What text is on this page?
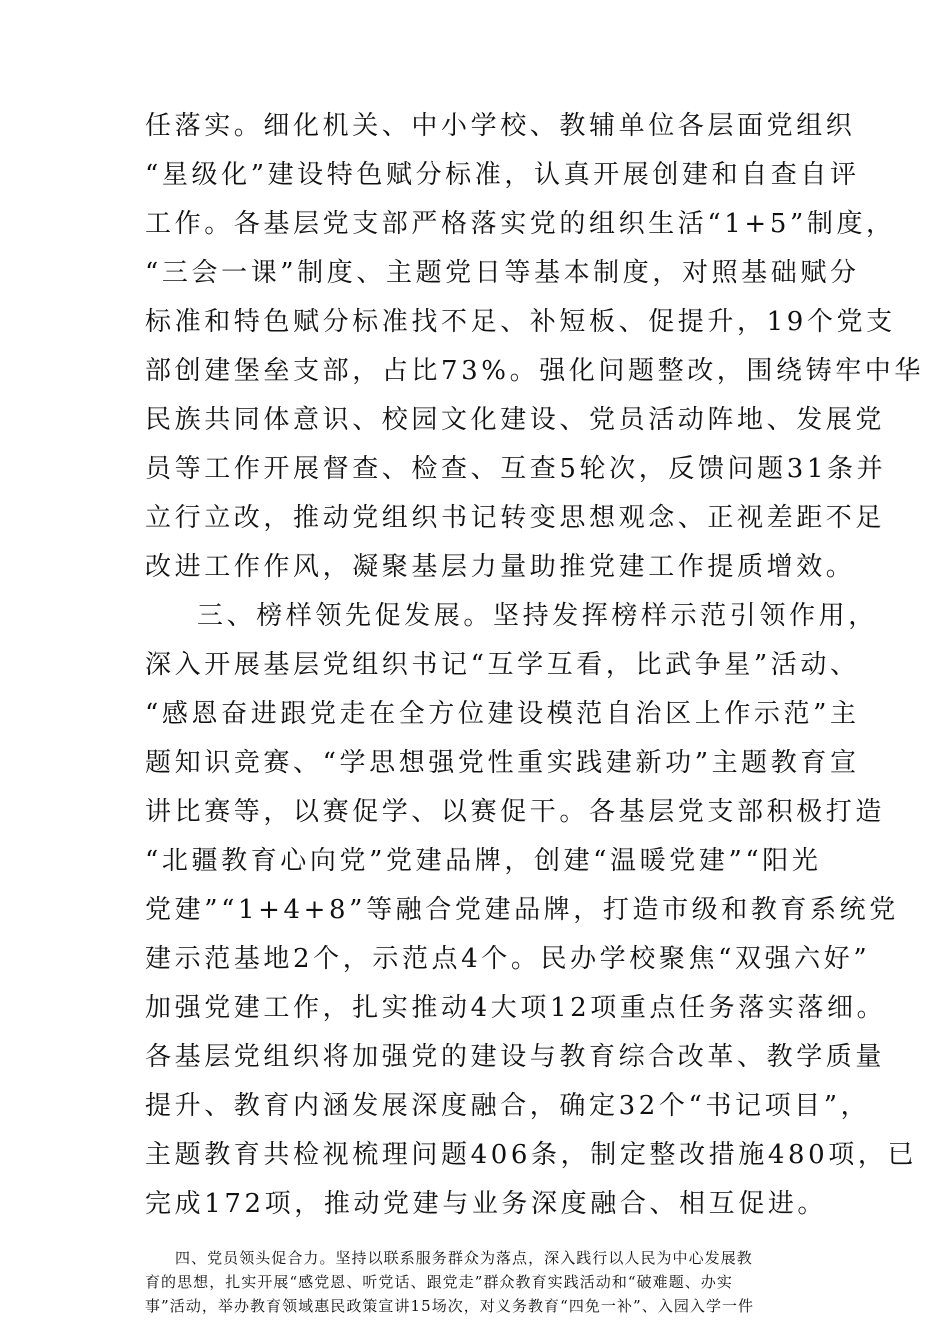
任落实。细化机关、中小学校、教辅单位各层面党组织
“星级化”建设特色赋分标准，认真开展创建和自查自评
工作。各基层党支部严格落实党的组织生活“1+5”制度，
“三会一课”制度、主题党日等基本制度，对照基础赋分
标准和特色赋分标准找不足、补短板、促提升，19个党支
部创建堡垒支部，占比73%。强化问题整改，围绕铸牢中华
民族共同体意识、校园文化建设、党员活动阵地、发展党
员等工作开展督查、检查、互查5轮次，反馈问题31条并
立行立改，推动党组织书记转变思想观念、正视差距不足
改进工作作风，凝聚基层力量助推党建工作提质增效。
三、榜样领先促发展。坚持发挥榜样示范引领作用，
深入开展基层党组织书记“互学互看，比武争星”活动、
“感恩奋进跟党走在全方位建设模范自治区上作示范”主
题知识竞赛、“学思想强党性重实践建新功”主题教育宣
讲比赛等，以赛促学、以赛促干。各基层党支部积极打造
“北疆教育心向党”党建品牌，创建“温暖党建”“阳光
党建”“1+4+8”等融合党建品牌，打造市级和教育系统党
建示范基地2个，示范点4个。民办学校聚焦“双强六好”
加强党建工作，扎实推动4大项12项重点任务落实落细。
各基层党组织将加强党的建设与教育综合改革、教学质量
提升、教育内涵发展深度融合，确定32个“书记项目”，
主题教育共检视梳理问题406条，制定整改措施480项，已
完成172项，推动党建与业务深度融合、相互促进。
四、党员领头促合力。坚持以联系服务群众为落点，深入践行以人民为中心发展教
育的思想，扎实开展“感党恩、听党话、跟党走”群众教育实践活动和“破难题、办实
事”活动，举办教育领域惠民政策宣讲15场次，对义务教育“四免一补”、入园入学一件
